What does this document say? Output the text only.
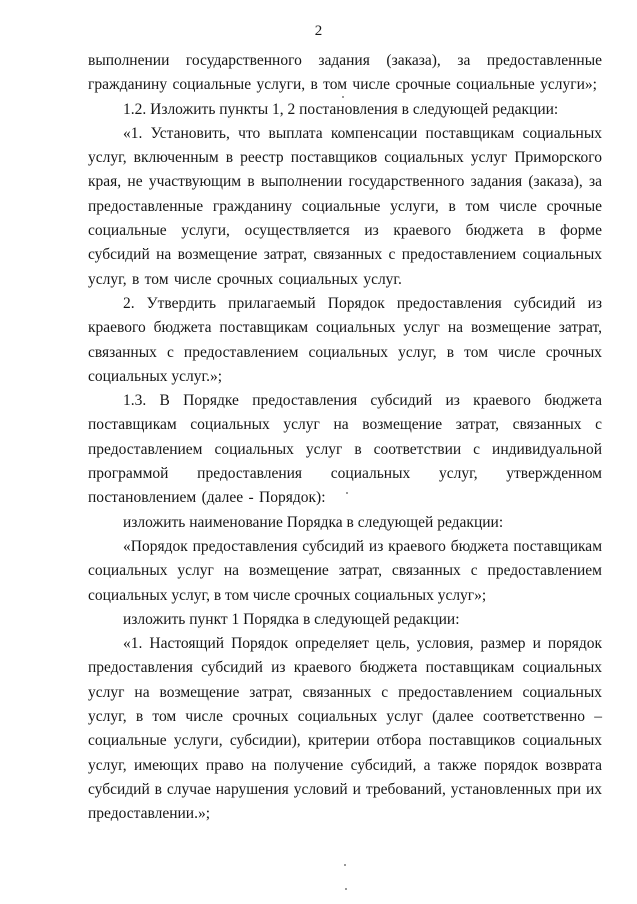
2

выполнении государственного задания (заказа), за предоставленные гражданину социальные услуги, в том числе срочные социальные услуги»;

1.2. Изложить пункты 1, 2 постановления в следующей редакции:

«1. Установить, что выплата компенсации поставщикам социальных услуг, включенным в реестр поставщиков социальных услуг Приморского края, не участвующим в выполнении государственного задания (заказа), за предоставленные гражданину социальные услуги, в том числе срочные социальные услуги, осуществляется из краевого бюджета в форме субсидий на возмещение затрат, связанных с предоставлением социальных услуг, в том числе срочных социальных услуг.

2. Утвердить прилагаемый Порядок предоставления субсидий из краевого бюджета поставщикам социальных услуг на возмещение затрат, связанных с предоставлением социальных услуг, в том числе срочных социальных услуг.»;

1.3. В Порядке предоставления субсидий из краевого бюджета поставщикам социальных услуг на возмещение затрат, связанных с предоставлением социальных услуг в соответствии с индивидуальной программой предоставления социальных услуг, утвержденном постановлением (далее - Порядок):

изложить наименование Порядка в следующей редакции:

«Порядок предоставления субсидий из краевого бюджета поставщикам социальных услуг на возмещение затрат, связанных с предоставлением социальных услуг, в том числе срочных социальных услуг»;

изложить пункт 1 Порядка в следующей редакции:

«1. Настоящий Порядок определяет цель, условия, размер и порядок предоставления субсидий из краевого бюджета поставщикам социальных услуг на возмещение затрат, связанных с предоставлением социальных услуг, в том числе срочных социальных услуг (далее соответственно – социальные услуги, субсидии), критерии отбора поставщиков социальных услуг, имеющих право на получение субсидий, а также порядок возврата субсидий в случае нарушения условий и требований, установленных при их предоставлении.»;
